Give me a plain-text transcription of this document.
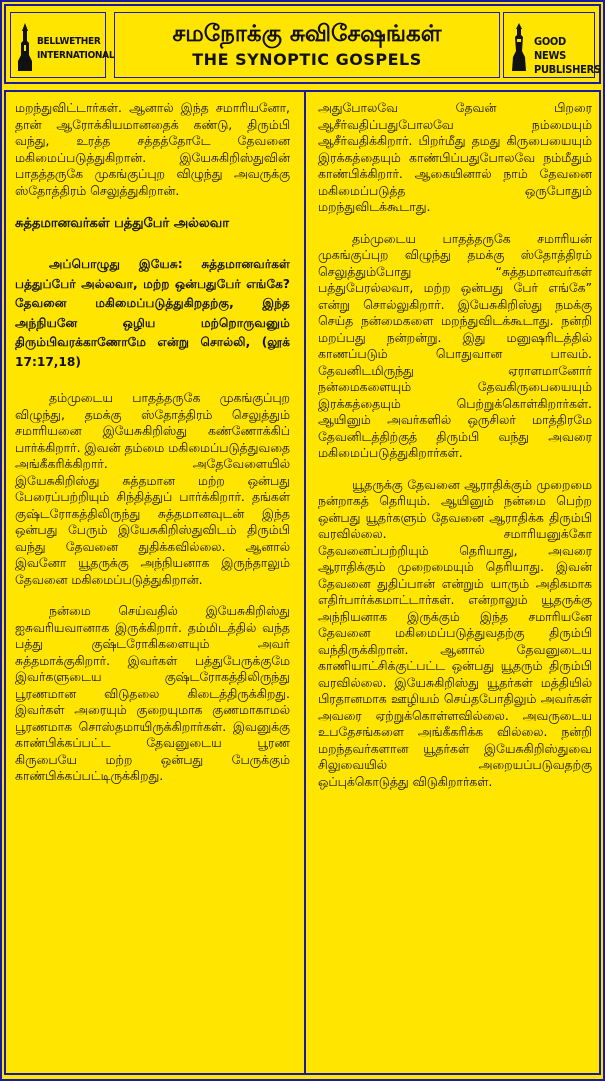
BELLWETHER
INTERNATIONAL
சமநோக்கு சுவிசேஷங்கள்
THE SYNOPTIC GOSPELS
GOOD NEWS
PUBLISHERS

மறந்துவிட்டார்கள். ஆனால் இந்த சமாரியனோ, தான் ஆரோக்கியமானதைக் கண்டு, திரும்பி வந்து, உரத்த சத்தத்தோடே தேவனை மகிமைப்படுத்துகிறான். இயேசுகிறிஸ்துவின் பாதத்தருகே முகங்குப்புற விழுந்து அவருக்கு ஸ்தோத்திரம் செலுத்துகிறான்.

சுத்தமானவர்கள் பத்துபேர் அல்லவா
அப்பொழுது இயேசு: சுத்தமானவர்கள் பத்துப்பேர் அல்லவா, மற்ற ஒன்பதுபேர் எங்கே? தேவனை மகிமைப்படுத்துகிறதற்கு, இந்த அந்நியனே ஒழிய மற்றொருவனும் திரும்பிவரக்காணோமே என்று சொல்லி, (லூக் 17:17,18)

தம்முடைய பாதத்தருகே முகங்குப்புற விழுந்து, தமக்கு ஸ்தோத்திரம் செலுத்தும் சமாரியனை இயேசுகிறிஸ்து கண்ணோக்கிப் பார்க்கிறார். இவன் தம்மை மகிமைப்படுத்துவதை அங்கீகரிக்கிறார். அதேவேளையில் இயேசுகிறிஸ்து சுத்தமான மற்ற ஒன்பது பேரைப்பற்றியும் சிந்தித்துப் பார்க்கிறார். தங்கள் குஷ்டரோகத்திலிருந்து சுத்தமானவுடன் இந்த ஒன்பது பேரும் இயேசுகிறிஸ்துவிடம் திரும்பி வந்து தேவனை துதிக்கவில்லை. ஆனால் இவனோ யூதருக்கு அந்நியனாக இருந்தாலும் தேவனை மகிமைப்படுத்துகிறான்.

நன்மை செய்வதில் இயேசுகிறிஸ்து ஐசுவரியவானாக இருக்கிறார். தம்மிடத்தில் வந்த பத்து குஷ்டரோகிகளையும் அவர் சுத்தமாக்குகிறார். இவர்கள் பத்துபேருக்குமே இவர்களுடைய குஷ்டரோகத்திலிருந்து பூரணமான விடுதலை கிடைத்திருக்கிறது. இவர்கள் அரையும் குறையுமாக குணமாகாமல் பூரணமாக சொஸ்தமாயிருக்கிறார்கள். இவனுக்கு காண்பிக்கப்பட்ட தேவனுடைய பூரண கிருபையே மற்ற ஒன்பது பேருக்கும் காண்பிக்கப்பட்டிருக்கிறது.

அதுபோலவே தேவன் பிறரை ஆசீர்வதிப்பதுபோலவே நம்மையும் ஆசீர்வதிக்கிறார். பிறர்மீது தமது கிருபையையும் இரக்கத்தையும் காண்பிப்பதுபோலவே நம்மீதும் காண்பிக்கிறார். ஆகையினால் நாம் தேவனை மகிமைப்படுத்த ஒருபோதும் மறந்துவிடக்கூடாது.

தம்முடைய பாதத்தருகே சமாரியன் முகங்குப்புற விழுந்து தமக்கு ஸ்தோத்திரம் செலுத்தும்போது “சுத்தமானவர்கள் பத்துபேரல்லவா, மற்ற ஒன்பது பேர் எங்கே” என்று சொல்லுகிறார். இயேசுகிறிஸ்து நமக்கு செய்த நன்மைகளை மறந்துவிடக்கூடாது. நன்றி மறப்பது நன்றன்று. இது மனுஷரிடத்தில் காணப்படும் பொதுவான பாவம். தேவனிடமிருந்து ஏராளமானோர் நன்மைகளையும் தேவகிருபையையும் இரக்கத்தையும் பெற்றுக்கொள்கிறார்கள். ஆயினும் அவர்களில் ஒருசிலர் மாத்திரமே தேவனிடத்திற்குத் திரும்பி வந்து அவரை மகிமைப்படுத்துகிறார்கள்.

யூதருக்கு தேவனை ஆராதிக்கும் முறைமை நன்றாகத் தெரியும். ஆயினும் நன்மை பெற்ற ஒன்பது யூதர்களும் தேவனை ஆராதிக்க திரும்பி வரவில்லை. சமாரியனுக்கோ தேவனைப்பற்றியும் தெரியாது, அவரை ஆராதிக்கும் முறைமையும் தெரியாது. இவன் தேவனை துதிப்பான் என்றும் யாரும் அதிகமாக எதிர்பார்க்கமாட்டார்கள். என்றாலும் யூதருக்கு அந்நியனாக இருக்கும் இந்த சமாரியனே தேவனை மகிமைப்படுத்துவதற்கு திரும்பி வந்திருக்கிறான். ஆனால் தேவனுடைய காணியாட்சிக்குட்பட்ட ஒன்பது யூதரும் திரும்பி வரவில்லை. இயேசுகிறிஸ்து யூதர்கள் மத்தியில் பிரதானமாக ஊழியம் செய்தபோதிலும் அவர்கள் அவரை ஏற்றுக்கொள்ளவில்லை. அவருடைய உபதேசங்களை அங்கீகரிக்க வில்லை. நன்றி மறந்தவர்களான யூதர்கள் இயேசுகிறிஸ்துவை சிலுவையில் அறையப்படுவதற்கு ஒப்புக்கொடுத்து விடுகிறார்கள்.
